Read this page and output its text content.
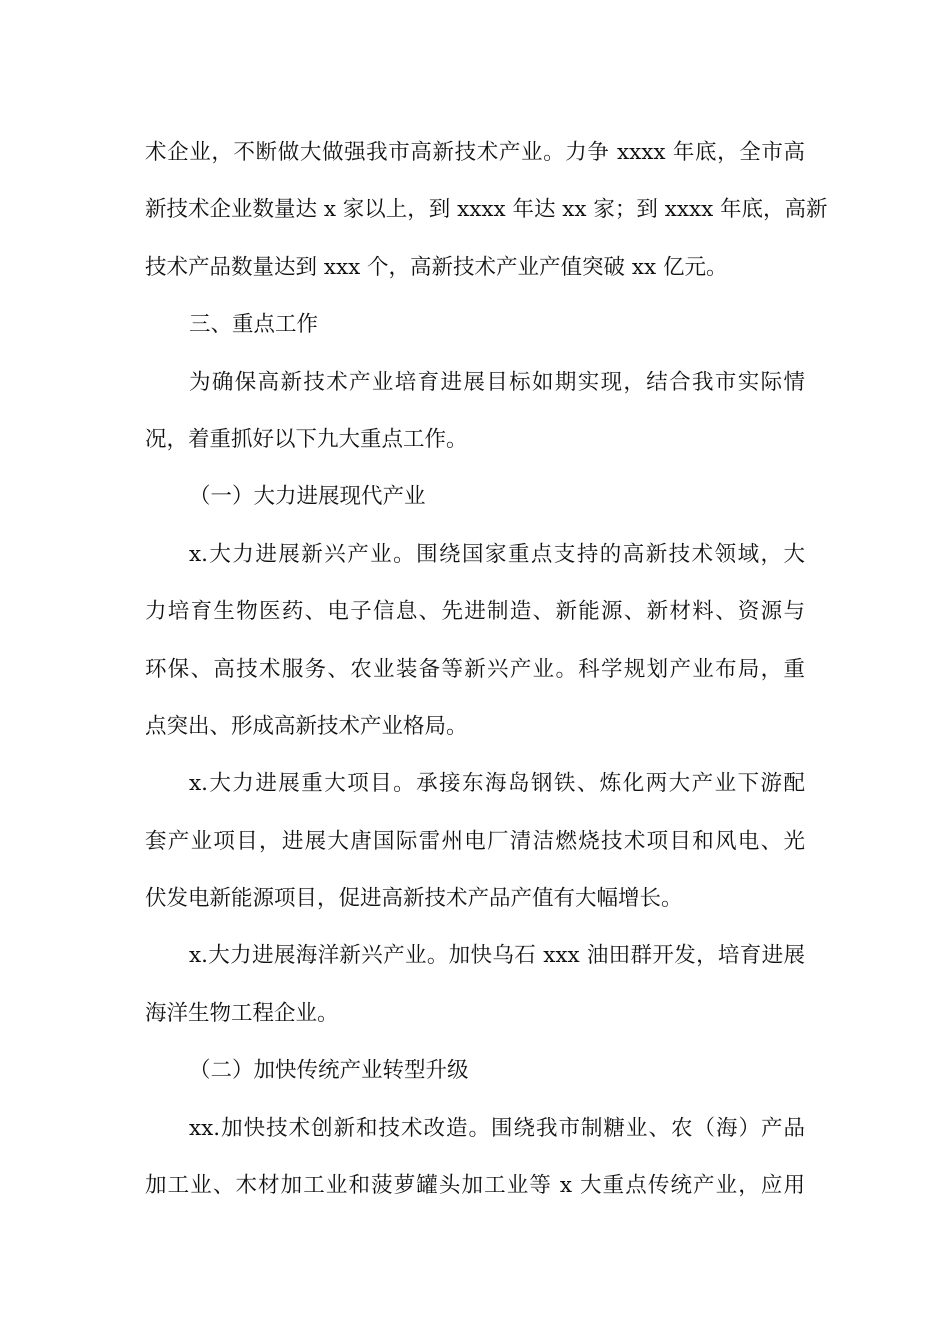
术企业，不断做大做强我市高新技术产业。力争 xxxx 年底，全市高
新技术企业数量达 x 家以上，到 xxxx 年达 xx 家；到 xxxx 年底，高新
技术产品数量达到 xxx 个，高新技术产业产值突破 xx 亿元。
三、重点工作
为确保高新技术产业培育进展目标如期实现，结合我市实际情
况，着重抓好以下九大重点工作。
（一）大力进展现代产业
x.大力进展新兴产业。围绕国家重点支持的高新技术领域，大
力培育生物医药、电子信息、先进制造、新能源、新材料、资源与
环保、高技术服务、农业装备等新兴产业。科学规划产业布局，重
点突出、形成高新技术产业格局。
x.大力进展重大项目。承接东海岛钢铁、炼化两大产业下游配
套产业项目，进展大唐国际雷州电厂清洁燃烧技术项目和风电、光
伏发电新能源项目，促进高新技术产品产值有大幅增长。
x.大力进展海洋新兴产业。加快乌石 xxx 油田群开发，培育进展
海洋生物工程企业。
（二）加快传统产业转型升级
xx.加快技术创新和技术改造。围绕我市制糖业、农（海）产品
加工业、木材加工业和菠萝罐头加工业等 x 大重点传统产业，应用
